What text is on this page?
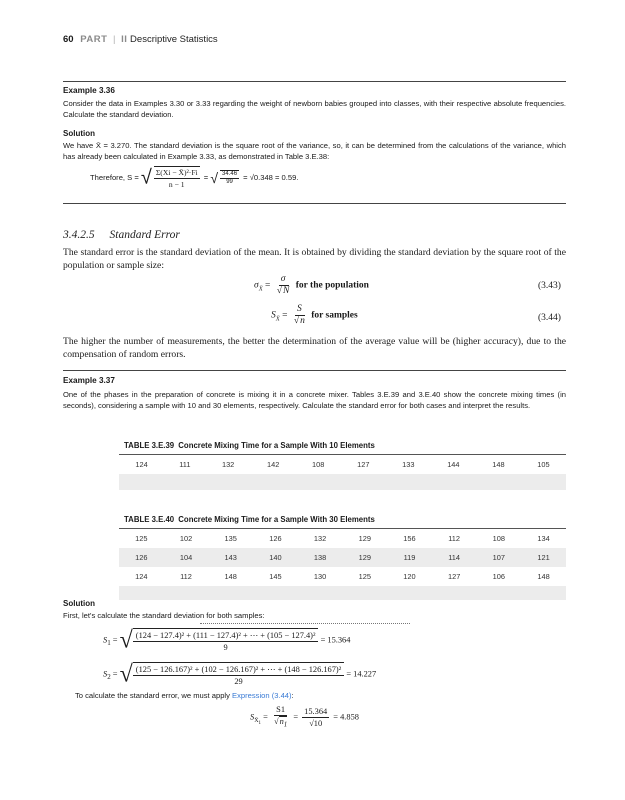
60 PART | II Descriptive Statistics
Example 3.36
Consider the data in Examples 3.30 or 3.33 regarding the weight of newborn babies grouped into classes, with their respective absolute frequencies. Calculate the standard deviation.
Solution
We have X̄ = 3.270. The standard deviation is the square root of the variance, so, it can be determined from the calculations of the variance, which has already been calculated in Example 3.33, as demonstrated in Table 3.E.38:
Therefore, S = √ $\frac{\text{Σ(Xi − X̄)²·Fi}}{n - 1}$ = √ $\frac{34.46}{99} = √0.348 = 0.59$.
3.4.2.5 Standard Error
The standard error is the standard deviation of the mean. It is obtained by dividing the standard deviation by the square root of the population or sample size:
$\sigma_{X̄} = \frac{\sigma}{√N}$ for the population	(3.43)
$S_{X̄} = \frac{S}{√n}$ for samples	(3.44)
The higher the number of measurements, the better the determination of the average value will be (higher accuracy), due to the compensation of random errors.
Example 3.37
One of the phases in the preparation of concrete is mixing it in a concrete mixer. Tables 3.E.39 and 3.E.40 show the concrete mixing times (in seconds), considering a sample with 10 and 30 elements, respectively. Calculate the standard error for both cases and interpret the results.
TABLE 3.E.39 Concrete Mixing Time for a Sample With 10 Elements
124	111	132	142	108	127	133	144	148	105

TABLE 3.E.40 Concrete Mixing Time for a Sample With 30 Elements
125	102	135	126	132	129	156	112	108	134
126	104	143	140	138	129	119	114	107	121
124	112	148	145	130	125	120	127	106	148

Solution
First, let's calculate the standard deviation for both samples:
$S_1$ = √ $\frac{\text{(124 − 127.4)² + (111 − 127.4)² + ⋯ + (105 − 127.4)²}}{9} = 15.364$
$S_2$ = √ $\frac{\text{(125 − 126.167)² + (102 − 126.167)² + ⋯ + (148 − 126.167)²}}{29} = 14.227$
To calculate the standard error, we must apply Expression (3.44):
$S_{X̄_1} = \frac{S1}{√n_1} = \frac{15.364}{√10} = 4.858$
